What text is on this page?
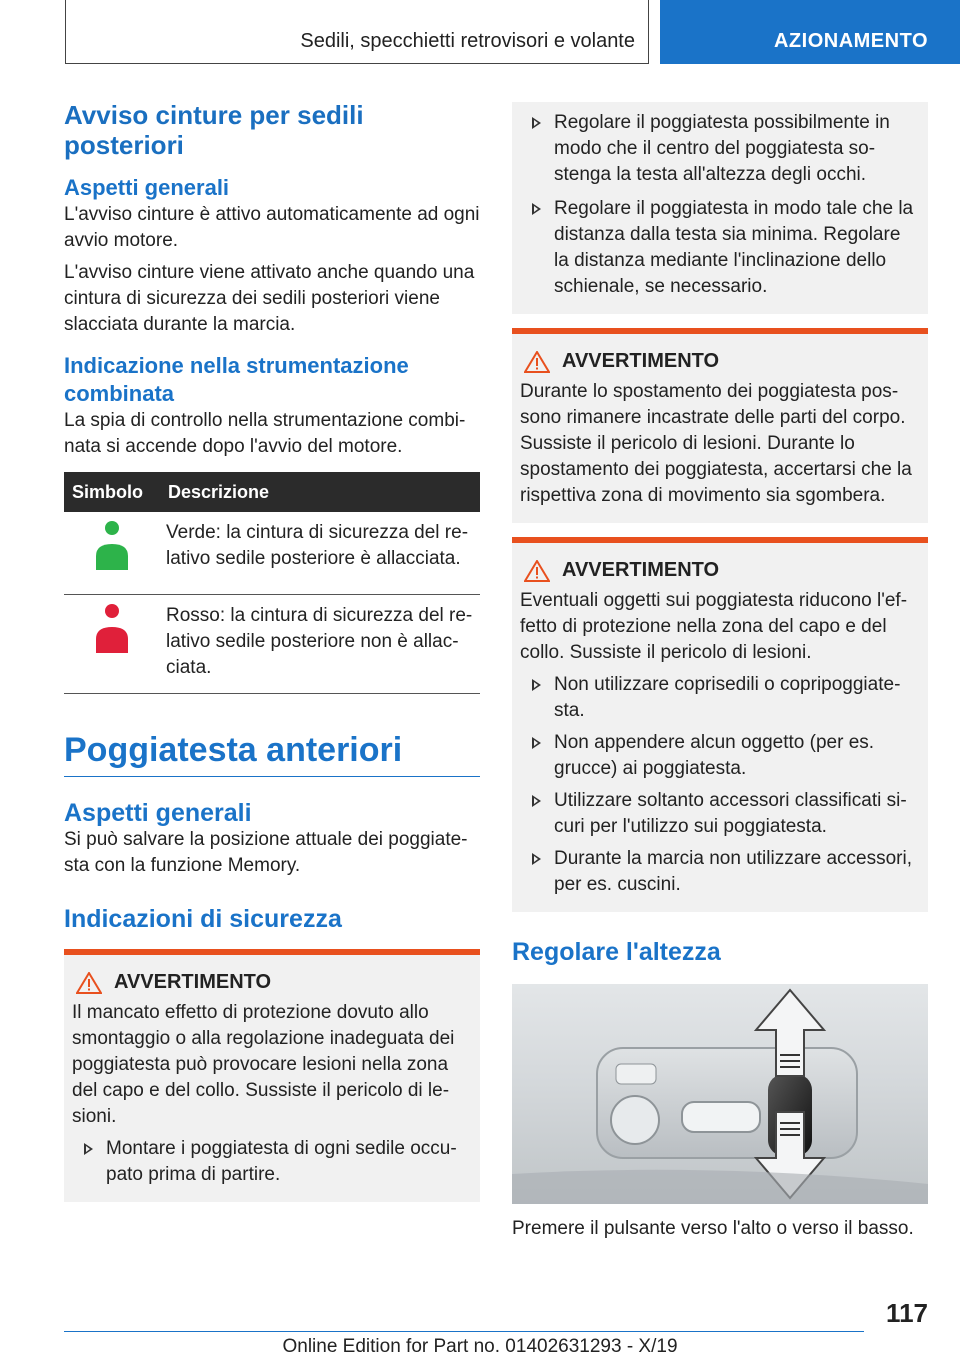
Sedili, specchietti retrovisori e volante	AZIONAMENTO
Avviso cinture per sedili posteriori
Aspetti generali

L'avviso cinture è attivo automaticamente ad ogni avvio motore.

L'avviso cinture viene attivato anche quando una cintura di sicurezza dei sedili posteriori viene slacciata durante la marcia.

Indicazione nella strumentazione combinata

La spia di controllo nella strumentazione combinata si accende dopo l'avvio del motore.

Simbolo	Descrizione
	Verde: la cintura di sicurezza del relativo sedile posteriore è allacciata.
	Rosso: la cintura di sicurezza del relativo sedile posteriore non è allacciata.
Poggiatesta anteriori
Aspetti generali

Si può salvare la posizione attuale dei poggiatesta con la funzione Memory.

Indicazioni di sicurezza
AVVERTIMENTO

Il mancato effetto di protezione dovuto allo smontaggio o alla regolazione inadeguata dei poggiatesta può provocare lesioni nella zona del capo e del collo. Sussiste il pericolo di lesioni.

Montare i poggiatesta di ogni sedile occupato prima di partire.
Regolare il poggiatesta possibilmente in modo che il centro del poggiatesta sostenga la testa all'altezza degli occhi.
Regolare il poggiatesta in modo tale che la distanza dalla testa sia minima. Regolare la distanza mediante l'inclinazione dello schienale, se necessario.
AVVERTIMENTO

Durante lo spostamento dei poggiatesta possono rimanere incastrate delle parti del corpo. Sussiste il pericolo di lesioni. Durante lo spostamento dei poggiatesta, accertarsi che la rispettiva zona di movimento sia sgombera.

AVVERTIMENTO

Eventuali oggetti sui poggiatesta riducono l'effetto di protezione nella zona del capo e del collo. Sussiste il pericolo di lesioni.

Non utilizzare coprisedili o copripoggiatesta.
Non appendere alcun oggetto (per es. grucce) ai poggiatesta.
Utilizzare soltanto accessori classificati sicuri per l'utilizzo sui poggiatesta.
Durante la marcia non utilizzare accessori, per es. cuscini.
Regolare l'altezza

Premere il pulsante verso l'alto o verso il basso.

117
Online Edition for Part no. 01402631293 - X/19
